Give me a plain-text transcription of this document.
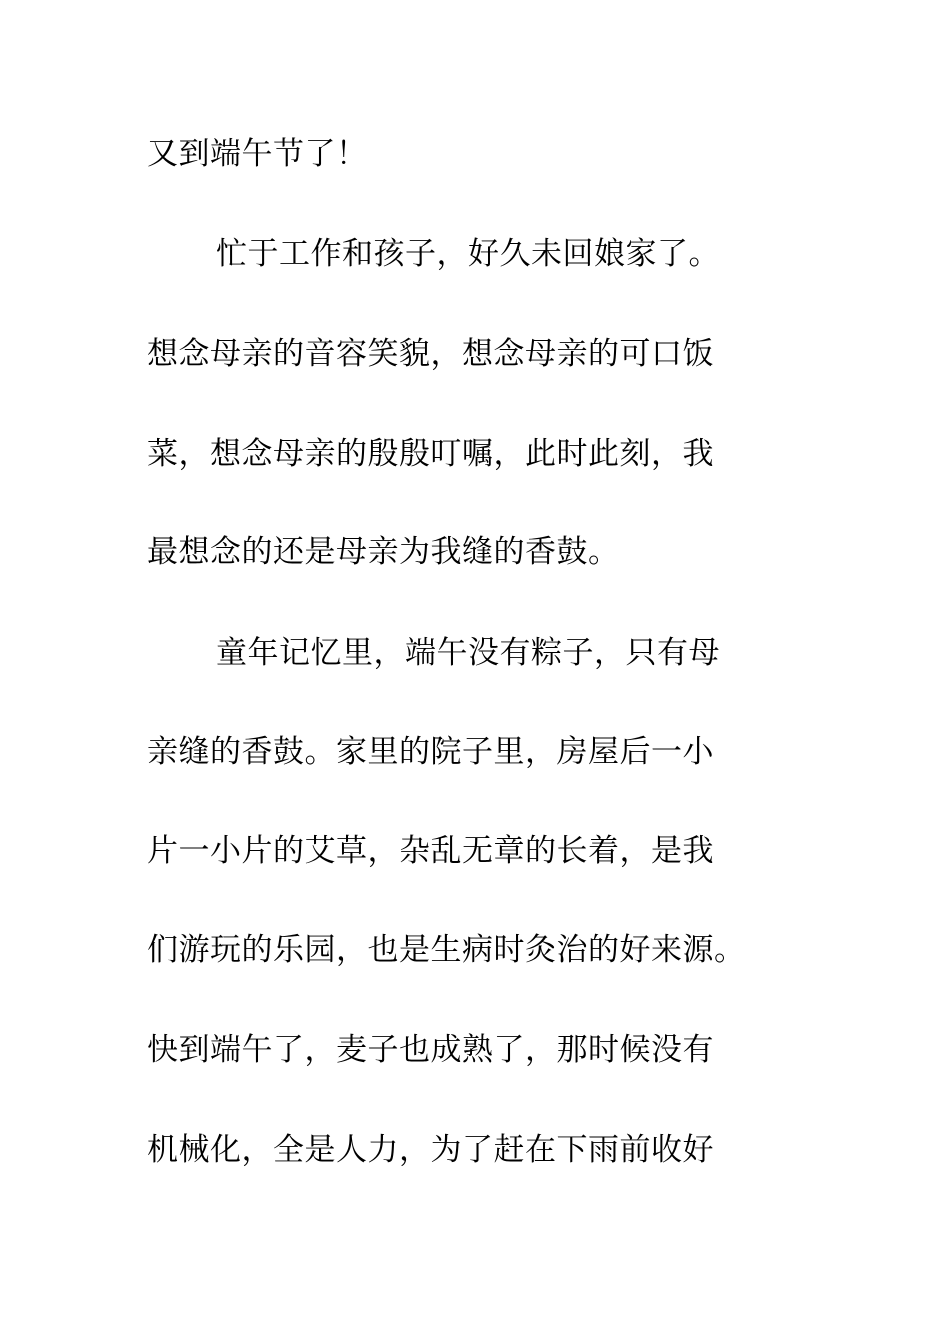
又到端午节了！
忙于工作和孩子，好久未回娘家了。
想念母亲的音容笑貌，想念母亲的可口饭
菜，想念母亲的殷殷叮嘱，此时此刻，我
最想念的还是母亲为我缝的香鼓。
童年记忆里，端午没有粽子，只有母
亲缝的香鼓。家里的院子里，房屋后一小
片一小片的艾草，杂乱无章的长着，是我
们游玩的乐园，也是生病时灸治的好来源。
快到端午了，麦子也成熟了，那时候没有
机械化，全是人力，为了赶在下雨前收好
